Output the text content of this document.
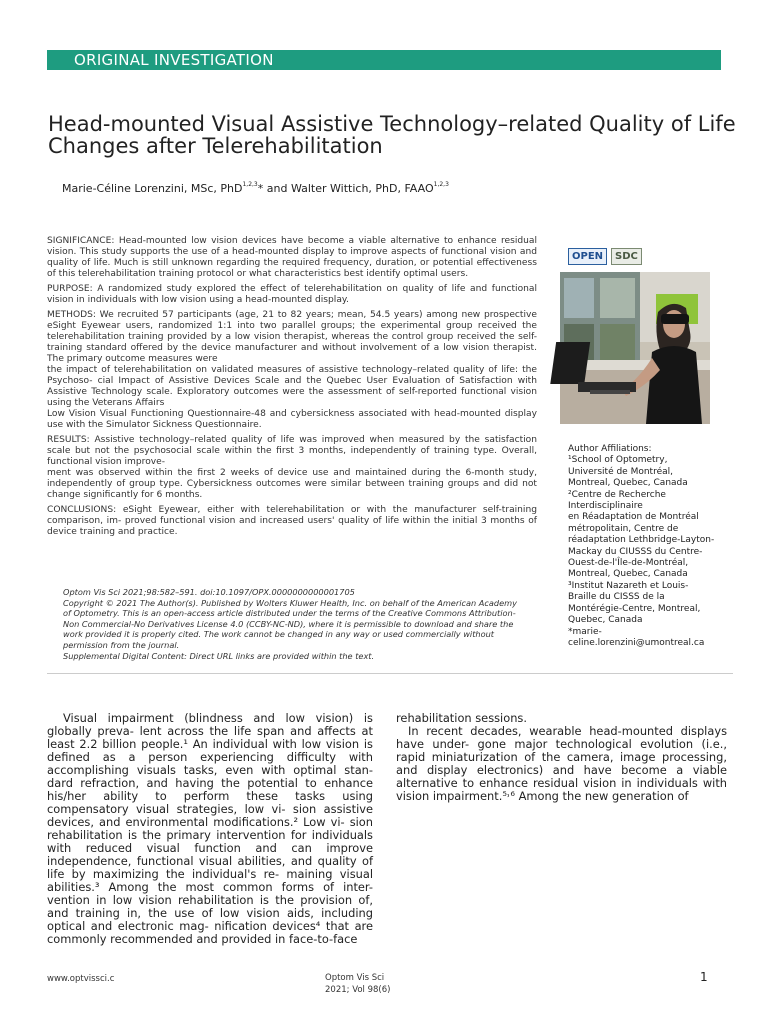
ORIGINAL INVESTIGATION
Head-mounted Visual Assistive Technology–related Quality of Life Changes after Telerehabilitation
Marie-Céline Lorenzini, MSc, PhD$^{1,2,3}$* and Walter Wittich, PhD, FAAO$^{1,2,3}$

SIGNIFICANCE: Head-mounted low vision devices have become a viable alternative to enhance residual vision. This study supports the use of a head-mounted display to improve aspects of functional vision and quality of life. Much is still unknown regarding the required frequency, duration, or potential effectiveness of this telerehabilitation training protocol or what characteristics best identify optimal users.

PURPOSE: A randomized study explored the effect of telerehabilitation on quality of life and functional vision in individuals with low vision using a head-mounted display.

METHODS: We recruited 57 participants (age, 21 to 82 years; mean, 54.5 years) among new prospective eSight Eyewear users, randomized 1:1 into two parallel groups; the experimental group received the telerehabilitation training provided by a low vision therapist, whereas the control group received the self-training standard offered by the device manufacturer and without involvement of a low vision therapist. The primary outcome measures were
the impact of telerehabilitation on validated measures of assistive technology–related quality of life: the Psychoso- cial Impact of Assistive Devices Scale and the Quebec User Evaluation of Satisfaction with Assistive Technology scale. Exploratory outcomes were the assessment of self-reported functional vision using the Veterans Affairs

Low Vision Visual Functioning Questionnaire-48 and cybersickness associated with head-mounted display use with the Simulator Sickness Questionnaire.

RESULTS: Assistive technology–related quality of life was improved when measured by the satisfaction scale but not the psychosocial scale within the first 3 months, independently of training type. Overall, functional vision improve-

ment was observed within the first 2 weeks of device use and maintained during the 6-month study, independently of group type. Cybersickness outcomes were similar between training groups and did not change significantly for 6 months.

CONCLUSIONS: eSight Eyewear, either with telerehabilitation or with the manufacturer self-training comparison, im- proved functional vision and increased users' quality of life within the initial 3 months of device training and practice.

OPEN SDC
Author Affiliations:
¹School of Optometry,
Université de Montréal,
Montreal, Quebec, Canada
²Centre de Recherche
Interdisciplinaire
en Réadaptation de Montréal
métropolitain, Centre de
réadaptation Lethbridge-Layton-
Mackay du CIUSSS du Centre-
Ouest-de-l'Île-de-Montréal,
Montreal, Quebec, Canada
³Institut Nazareth et Louis-
Braille du CISSS de la
Montérégie-Centre, Montreal,
Quebec, Canada
*marie-
celine.lorenzini@umontreal.ca
Optom Vis Sci 2021;98:582–591. doi:10.1097/OPX.0000000000001705
Copyright © 2021 The Author(s). Published by Wolters Kluwer Health, Inc. on behalf of the American Academy
of Optometry. This is an open-access article distributed under the terms of the Creative Commons Attribution-
Non Commercial-No Derivatives License 4.0 (CCBY-NC-ND), where it is permissible to download and share the
work provided it is properly cited. The work cannot be changed in any way or used commercially without
permission from the journal.
Supplemental Digital Content: Direct URL links are provided within the text.

Visual impairment (blindness and low vision) is globally preva- lent across the life span and affects at least 2.2 billion people.¹ An individual with low vision is defined as a person experiencing difficulty with accomplishing visuals tasks, even with optimal stan- dard refraction, and having the potential to enhance his/her ability to perform these tasks using compensatory visual strategies, low vi- sion assistive devices, and environmental modifications.² Low vi- sion rehabilitation is the primary intervention for individuals with reduced visual function and can improve independence, functional visual abilities, and quality of life by maximizing the individual's re- maining visual abilities.³ Among the most common forms of inter- vention in low vision rehabilitation is the provision of, and training in, the use of low vision aids, including optical and electronic mag- nification devices⁴ that are commonly recommended and provided in face-to-face

rehabilitation sessions.

In recent decades, wearable head-mounted displays have under- gone major technological evolution (i.e., rapid miniaturization of the camera, image processing, and display electronics) and have become a viable alternative to enhance residual vision in individuals with vision impairment.⁵˒⁶ Among the new generation of

www.optvissci.c	Optom Vis Sci 2021; Vol 98(6)
1
